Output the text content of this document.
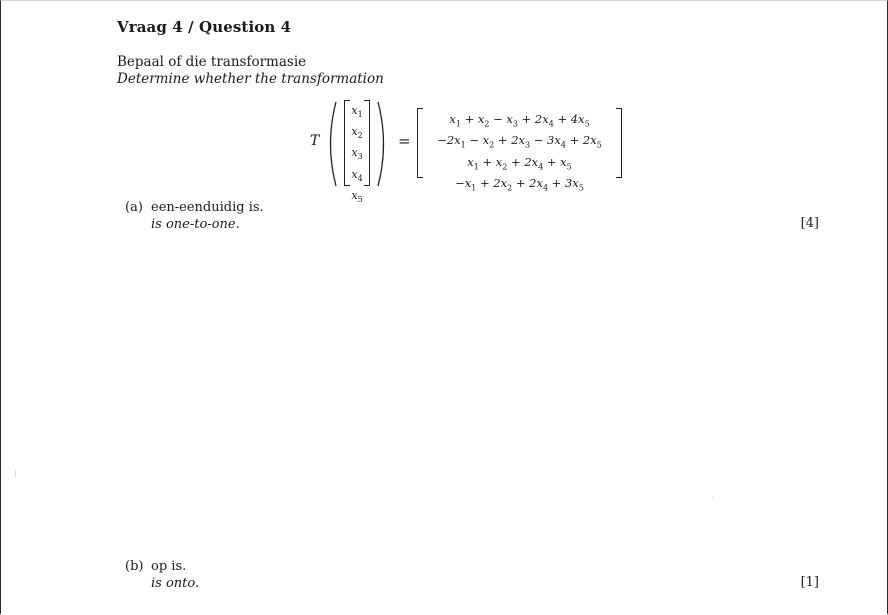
Vraag 4 / Question 4
Bepaal of die transformasie
Determine whether the transformation
T
$x_1$
$x_2$
$x_3$
$x_4$
$x_5$
=
$x_1 + x_2 - x_3 + 2x_4 + 4x_5$
$-2x_1 - x_2 + 2x_3 - 3x_4 + 2x_5$
$x_1 + x_2 + 2x_4 + x_5$
$-x_1 + 2x_2 + 2x_4 + 3x_5$
(a) een-eenduidig is.
is one-to-one.	[4]
(b) op is.
is onto.	[1]
